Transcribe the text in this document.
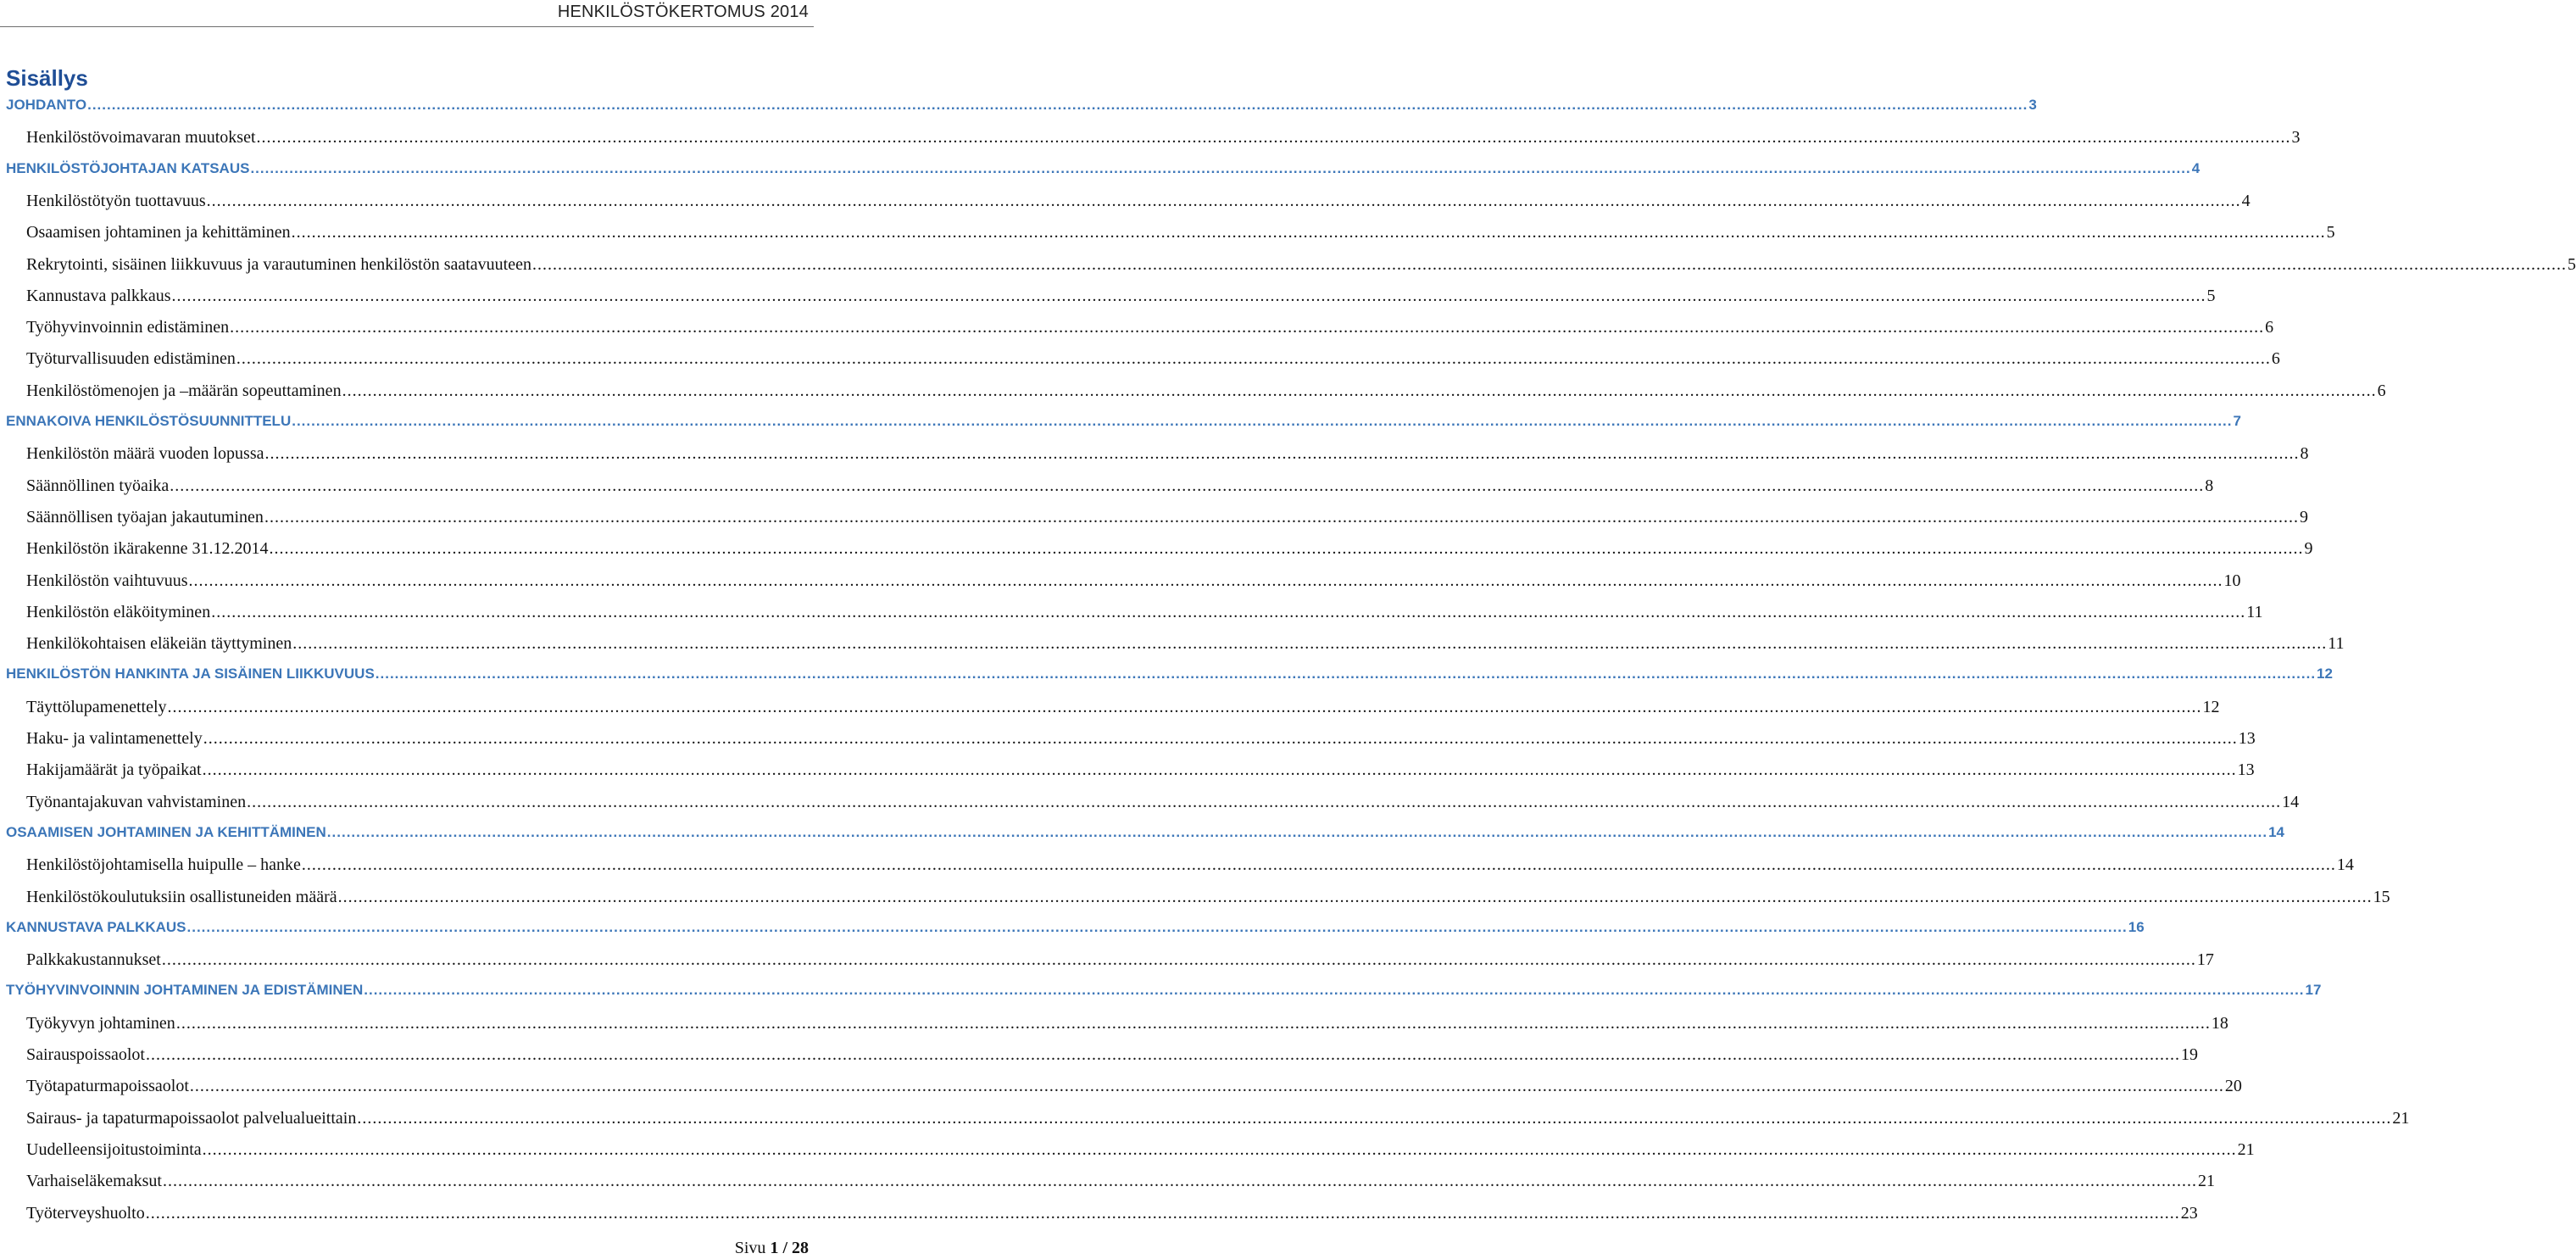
HENKILÖSTÖKERTOMUS 2014
Sisällys
JOHDANTO ................................................................................................................................................................................................................................................................................................................................................................................................................ 3
Henkilöstövoimavaran muutokset ................................................................................................................................................................................................................................................................................................................................................................................................................ 3
HENKILÖSTÖJOHTAJAN KATSAUS ................................................................................................................................................................................................................................................................................................................................................................................................................ 4
Henkilöstötyön tuottavuus ................................................................................................................................................................................................................................................................................................................................................................................................................ 4
Osaamisen johtaminen ja kehittäminen ................................................................................................................................................................................................................................................................................................................................................................................................................ 5
Rekrytointi, sisäinen liikkuvuus ja varautuminen henkilöstön saatavuuteen ................................................................................................................................................................................................................................................................................................................................................................................................................ 5
Kannustava palkkaus ................................................................................................................................................................................................................................................................................................................................................................................................................ 5
Työhyvinvoinnin edistäminen ................................................................................................................................................................................................................................................................................................................................................................................................................ 6
Työturvallisuuden edistäminen ................................................................................................................................................................................................................................................................................................................................................................................................................ 6
Henkilöstömenojen ja –määrän sopeuttaminen ................................................................................................................................................................................................................................................................................................................................................................................................................ 6
ENNAKOIVA HENKILÖSTÖSUUNNITTELU ................................................................................................................................................................................................................................................................................................................................................................................................................ 7
Henkilöstön määrä vuoden lopussa ................................................................................................................................................................................................................................................................................................................................................................................................................ 8
Säännöllinen työaika ................................................................................................................................................................................................................................................................................................................................................................................................................ 8
Säännöllisen työajan jakautuminen ................................................................................................................................................................................................................................................................................................................................................................................................................ 9
Henkilöstön ikärakenne 31.12.2014 ................................................................................................................................................................................................................................................................................................................................................................................................................ 9
Henkilöstön vaihtuvuus ................................................................................................................................................................................................................................................................................................................................................................................................................ 10
Henkilöstön eläköityminen ................................................................................................................................................................................................................................................................................................................................................................................................................ 11
Henkilökohtaisen eläkeiän täyttyminen ................................................................................................................................................................................................................................................................................................................................................................................................................ 11
HENKILÖSTÖN HANKINTA JA SISÄINEN LIIKKUVUUS ................................................................................................................................................................................................................................................................................................................................................................................................................ 12
Täyttölupamenettely ................................................................................................................................................................................................................................................................................................................................................................................................................ 12
Haku- ja valintamenettely ................................................................................................................................................................................................................................................................................................................................................................................................................ 13
Hakijamäärät ja työpaikat ................................................................................................................................................................................................................................................................................................................................................................................................................ 13
Työnantajakuvan vahvistaminen ................................................................................................................................................................................................................................................................................................................................................................................................................ 14
OSAAMISEN JOHTAMINEN JA KEHITTÄMINEN ................................................................................................................................................................................................................................................................................................................................................................................................................ 14
Henkilöstöjohtamisella huipulle – hanke ................................................................................................................................................................................................................................................................................................................................................................................................................ 14
Henkilöstökoulutuksiin osallistuneiden määrä ................................................................................................................................................................................................................................................................................................................................................................................................................ 15
KANNUSTAVA PALKKAUS ................................................................................................................................................................................................................................................................................................................................................................................................................ 16
Palkkakustannukset ................................................................................................................................................................................................................................................................................................................................................................................................................ 17
TYÖHYVINVOINNIN JOHTAMINEN JA EDISTÄMINEN ................................................................................................................................................................................................................................................................................................................................................................................................................ 17
Työkyvyn johtaminen ................................................................................................................................................................................................................................................................................................................................................................................................................ 18
Sairauspoissaolot ................................................................................................................................................................................................................................................................................................................................................................................................................ 19
Työtapaturmapoissaolot ................................................................................................................................................................................................................................................................................................................................................................................................................ 20
Sairaus- ja tapaturmapoissaolot palvelualueittain ................................................................................................................................................................................................................................................................................................................................................................................................................ 21
Uudelleensijoitustoiminta ................................................................................................................................................................................................................................................................................................................................................................................................................ 21
Varhaiseläkemaksut ................................................................................................................................................................................................................................................................................................................................................................................................................ 21
Työterveyshuolto ................................................................................................................................................................................................................................................................................................................................................................................................................ 23
Sivu 1 / 28
